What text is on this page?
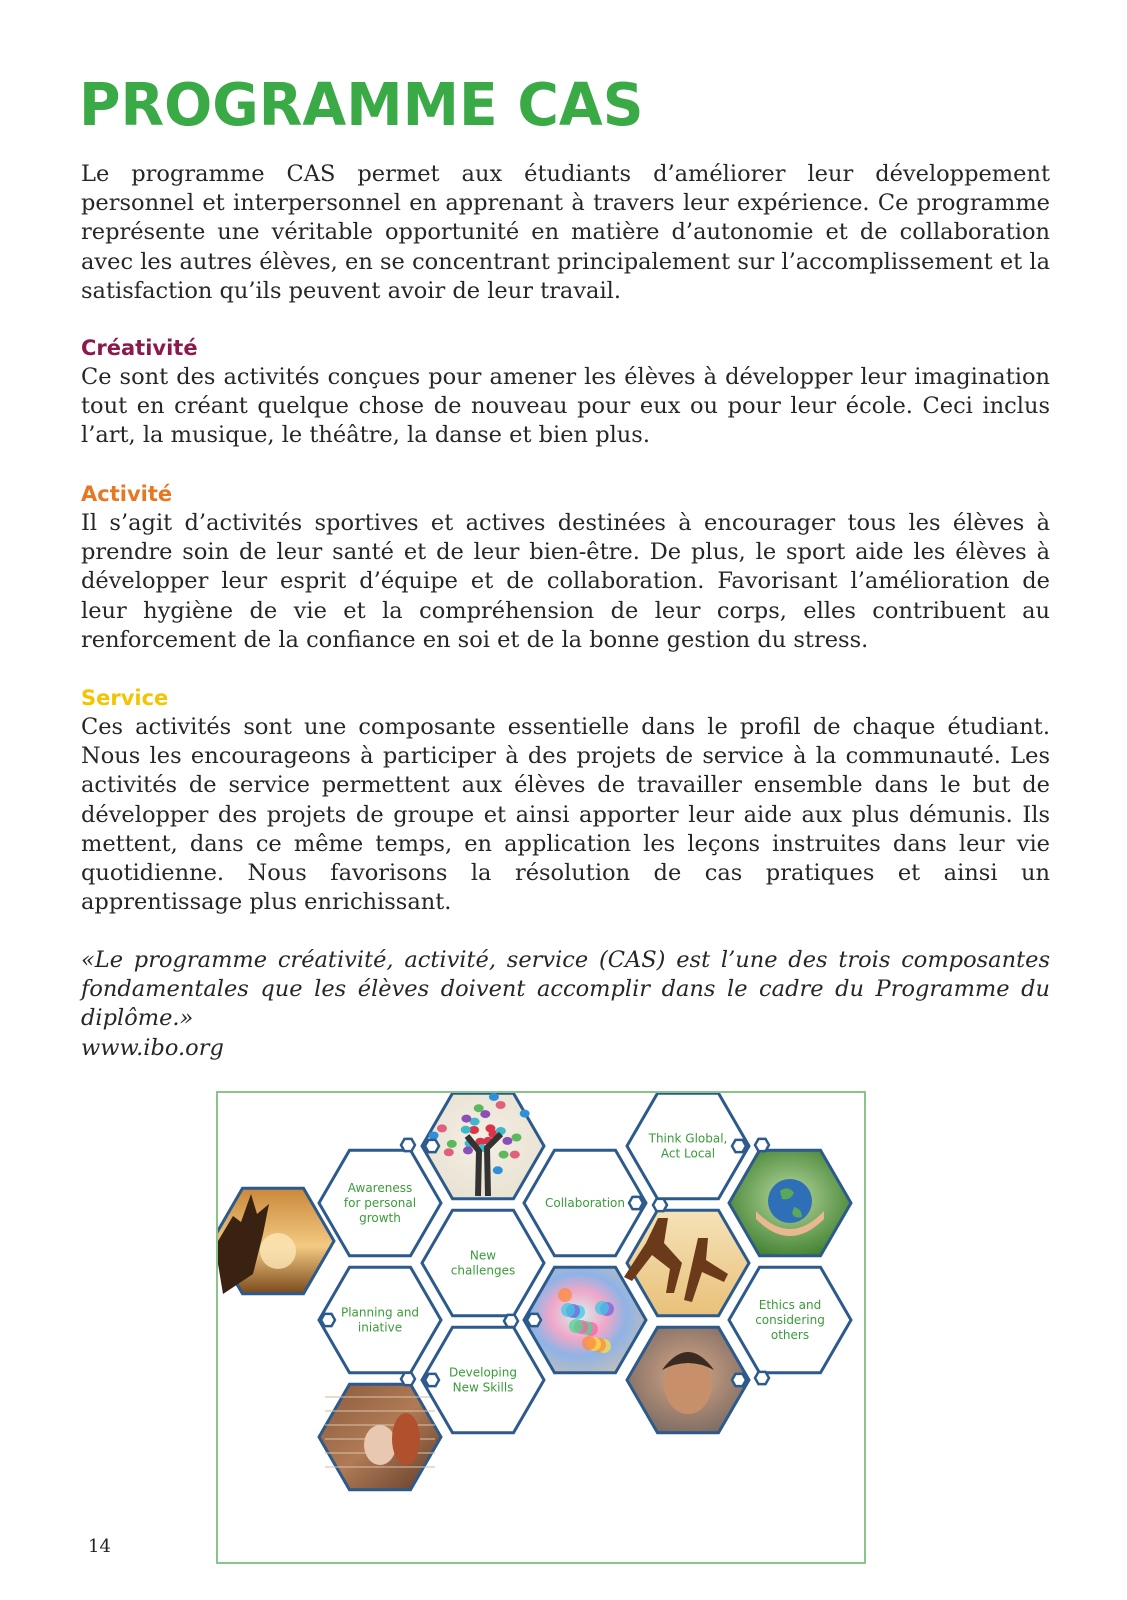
PROGRAMME CAS

Le programme CAS permet aux étudiants d’améliorer leur développement personnel et interpersonnel en apprenant à travers leur expérience. Ce programme représente une véritable opportunité en matière d’autonomie et de collaboration avec les autres élèves, en se concentrant principalement sur l’accomplissement et la satisfaction qu’ils peuvent avoir de leur travail.

Créativité

Ce sont des activités conçues pour amener les élèves à développer leur imagination tout en créant quelque chose de nouveau pour eux ou pour leur école. Ceci inclus l’art, la musique, le théâtre, la danse et bien plus.

Activité

Il s’agit d’activités sportives et actives destinées à encourager tous les élèves à prendre soin de leur santé et de leur bien-être. De plus, le sport aide les élèves à développer leur esprit d’équipe et de collaboration. Favorisant l’amélioration de leur hygiène de vie et la compréhension de leur corps, elles contribuent au renforcement de la confiance en soi et de la bonne gestion du stress.

Service

Ces activités sont une composante essentielle dans le profil de chaque étudiant. Nous les encourageons à participer à des projets de service à la communauté. Les activités de service permettent aux élèves de travailler ensemble dans le but de développer des projets de groupe et ainsi apporter leur aide aux plus démunis. Ils mettent, dans ce même temps, en application les leçons instruites dans leur vie quotidienne. Nous favorisons la résolution de cas pratiques et ainsi un apprentissage plus enrichissant.

«Le programme créativité, activité, service (CAS) est l’une des trois composantes fondamentales que les élèves doivent accomplir dans le cadre du Programme du diplôme.»

www.ibo.org

Awareness for personal growth
Planning and iniative
New challenges
Developing New Skills
Collaboration
Think Global, Act Local
Ethics and considering others
14
